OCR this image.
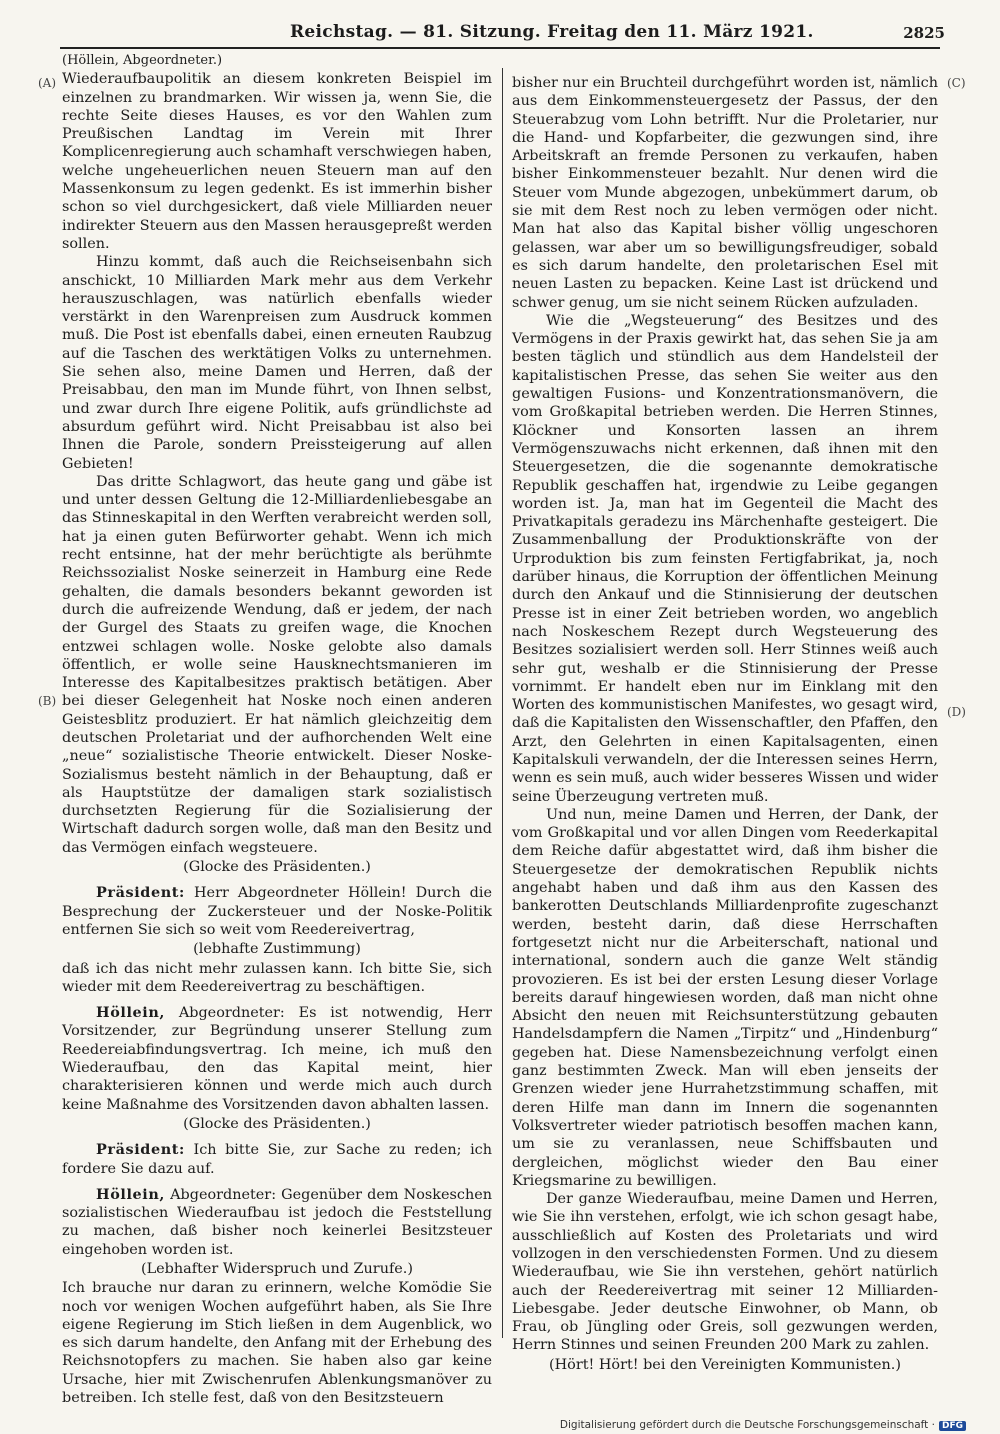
Reichstag. — 81. Sitzung. Freitag den 11. März 1921.	2825
(A)
(B)
(C)
(D)

(Höllein, Abgeordneter.)

Wiederaufbaupolitik an diesem konkreten Beispiel im einzelnen zu brandmarken. Wir wissen ja, wenn Sie, die rechte Seite dieses Hauses, es vor den Wahlen zum Preußischen Landtag im Verein mit Ihrer Komplicenregierung auch schamhaft verschwiegen haben, welche ungeheuerlichen neuen Steuern man auf den Massenkonsum zu legen gedenkt. Es ist immerhin bisher schon so viel durchgesickert, daß viele Milliarden neuer indirekter Steuern aus den Massen herausgepreßt werden sollen.

Hinzu kommt, daß auch die Reichseisenbahn sich anschickt, 10 Milliarden Mark mehr aus dem Verkehr herauszuschlagen, was natürlich ebenfalls wieder verstärkt in den Warenpreisen zum Ausdruck kommen muß. Die Post ist ebenfalls dabei, einen erneuten Raubzug auf die Taschen des werktätigen Volks zu unternehmen. Sie sehen also, meine Damen und Herren, daß der Preisabbau, den man im Munde führt, von Ihnen selbst, und zwar durch Ihre eigene Politik, aufs gründlichste ad absurdum geführt wird. Nicht Preisabbau ist also bei Ihnen die Parole, sondern Preissteigerung auf allen Gebieten!

Das dritte Schlagwort, das heute gang und gäbe ist und unter dessen Geltung die 12-Milliardenliebesgabe an das Stinneskapital in den Werften verabreicht werden soll, hat ja einen guten Befürworter gehabt. Wenn ich mich recht entsinne, hat der mehr berüchtigte als berühmte Reichssozialist Noske seinerzeit in Hamburg eine Rede gehalten, die damals besonders bekannt geworden ist durch die aufreizende Wendung, daß er jedem, der nach der Gurgel des Staats zu greifen wage, die Knochen entzwei schlagen wolle. Noske gelobte also damals öffentlich, er wolle seine Hausknechtsmanieren im Interesse des Kapitalbesitzes praktisch betätigen. Aber bei dieser Gelegenheit hat Noske noch einen anderen Geistesblitz produziert. Er hat nämlich gleichzeitig dem deutschen Proletariat und der aufhorchenden Welt eine „neue“ sozialistische Theorie entwickelt. Dieser Noske-Sozialismus besteht nämlich in der Behauptung, daß er als Hauptstütze der damaligen stark sozialistisch durchsetzten Regierung für die Sozialisierung der Wirtschaft dadurch sorgen wolle, daß man den Besitz und das Vermögen einfach wegsteuere.

(Glocke des Präsidenten.)

Präsident: Herr Abgeordneter Höllein! Durch die Besprechung der Zuckersteuer und der Noske-Politik entfernen Sie sich so weit vom Reedereivertrag,

(lebhafte Zustimmung)

daß ich das nicht mehr zulassen kann. Ich bitte Sie, sich wieder mit dem Reedereivertrag zu beschäftigen.

Höllein, Abgeordneter: Es ist notwendig, Herr Vorsitzender, zur Begründung unserer Stellung zum Reedereiabfindungsvertrag. Ich meine, ich muß den Wiederaufbau, den das Kapital meint, hier charakterisieren können und werde mich auch durch keine Maßnahme des Vorsitzenden davon abhalten lassen.

(Glocke des Präsidenten.)

Präsident: Ich bitte Sie, zur Sache zu reden; ich fordere Sie dazu auf.

Höllein, Abgeordneter: Gegenüber dem Noskeschen sozialistischen Wiederaufbau ist jedoch die Feststellung zu machen, daß bisher noch keinerlei Besitzsteuer eingehoben worden ist.

(Lebhafter Widerspruch und Zurufe.)

Ich brauche nur daran zu erinnern, welche Komödie Sie noch vor wenigen Wochen aufgeführt haben, als Sie Ihre eigene Regierung im Stich ließen in dem Augenblick, wo es sich darum handelte, den Anfang mit der Erhebung des Reichsnotopfers zu machen. Sie haben also gar keine Ursache, hier mit Zwischenrufen Ablenkungsmanöver zu betreiben. Ich stelle fest, daß von den Besitzsteuern

bisher nur ein Bruchteil durchgeführt worden ist, nämlich aus dem Einkommensteuergesetz der Passus, der den Steuerabzug vom Lohn betrifft. Nur die Proletarier, nur die Hand- und Kopfarbeiter, die gezwungen sind, ihre Arbeitskraft an fremde Personen zu verkaufen, haben bisher Einkommensteuer bezahlt. Nur denen wird die Steuer vom Munde abgezogen, unbekümmert darum, ob sie mit dem Rest noch zu leben vermögen oder nicht. Man hat also das Kapital bisher völlig ungeschoren gelassen, war aber um so bewilligungsfreudiger, sobald es sich darum handelte, den proletarischen Esel mit neuen Lasten zu bepacken. Keine Last ist drückend und schwer genug, um sie nicht seinem Rücken aufzuladen.

Wie die „Wegsteuerung“ des Besitzes und des Vermögens in der Praxis gewirkt hat, das sehen Sie ja am besten täglich und stündlich aus dem Handelsteil der kapitalistischen Presse, das sehen Sie weiter aus den gewaltigen Fusions- und Konzentrationsmanövern, die vom Großkapital betrieben werden. Die Herren Stinnes, Klöckner und Konsorten lassen an ihrem Vermögenszuwachs nicht erkennen, daß ihnen mit den Steuergesetzen, die die sogenannte demokratische Republik geschaffen hat, irgendwie zu Leibe gegangen worden ist. Ja, man hat im Gegenteil die Macht des Privatkapitals geradezu ins Märchenhafte gesteigert. Die Zusammenballung der Produktionskräfte von der Urproduktion bis zum feinsten Fertigfabrikat, ja, noch darüber hinaus, die Korruption der öffentlichen Meinung durch den Ankauf und die Stinnisierung der deutschen Presse ist in einer Zeit betrieben worden, wo angeblich nach Noskeschem Rezept durch Wegsteuerung des Besitzes sozialisiert werden soll. Herr Stinnes weiß auch sehr gut, weshalb er die Stinnisierung der Presse vornimmt. Er handelt eben nur im Einklang mit den Worten des kommunistischen Manifestes, wo gesagt wird, daß die Kapitalisten den Wissenschaftler, den Pfaffen, den Arzt, den Gelehrten in einen Kapitalsagenten, einen Kapitalskuli verwandeln, der die Interessen seines Herrn, wenn es sein muß, auch wider besseres Wissen und wider seine Überzeugung vertreten muß.

Und nun, meine Damen und Herren, der Dank, der vom Großkapital und vor allen Dingen vom Reederkapital dem Reiche dafür abgestattet wird, daß ihm bisher die Steuergesetze der demokratischen Republik nichts angehabt haben und daß ihm aus den Kassen des bankerotten Deutschlands Milliardenprofite zugeschanzt werden, besteht darin, daß diese Herrschaften fortgesetzt nicht nur die Arbeiterschaft, national und international, sondern auch die ganze Welt ständig provozieren. Es ist bei der ersten Lesung dieser Vorlage bereits darauf hingewiesen worden, daß man nicht ohne Absicht den neuen mit Reichsunterstützung gebauten Handelsdampfern die Namen „Tirpitz“ und „Hindenburg“ gegeben hat. Diese Namensbezeichnung verfolgt einen ganz bestimmten Zweck. Man will eben jenseits der Grenzen wieder jene Hurrahetzstimmung schaffen, mit deren Hilfe man dann im Innern die sogenannten Volksvertreter wieder patriotisch besoffen machen kann, um sie zu veranlassen, neue Schiffsbauten und dergleichen, möglichst wieder den Bau einer Kriegsmarine zu bewilligen.

Der ganze Wiederaufbau, meine Damen und Herren, wie Sie ihn verstehen, erfolgt, wie ich schon gesagt habe, ausschließlich auf Kosten des Proletariats und wird vollzogen in den verschiedensten Formen. Und zu diesem Wiederaufbau, wie Sie ihn verstehen, gehört natürlich auch der Reedereivertrag mit seiner 12 Milliarden-Liebesgabe. Jeder deutsche Einwohner, ob Mann, ob Frau, ob Jüngling oder Greis, soll gezwungen werden, Herrn Stinnes und seinen Freunden 200 Mark zu zahlen.

(Hört! Hört! bei den Vereinigten Kommunisten.)

Digitalisierung gefördert durch die Deutsche Forschungsgemeinschaft · DFG
